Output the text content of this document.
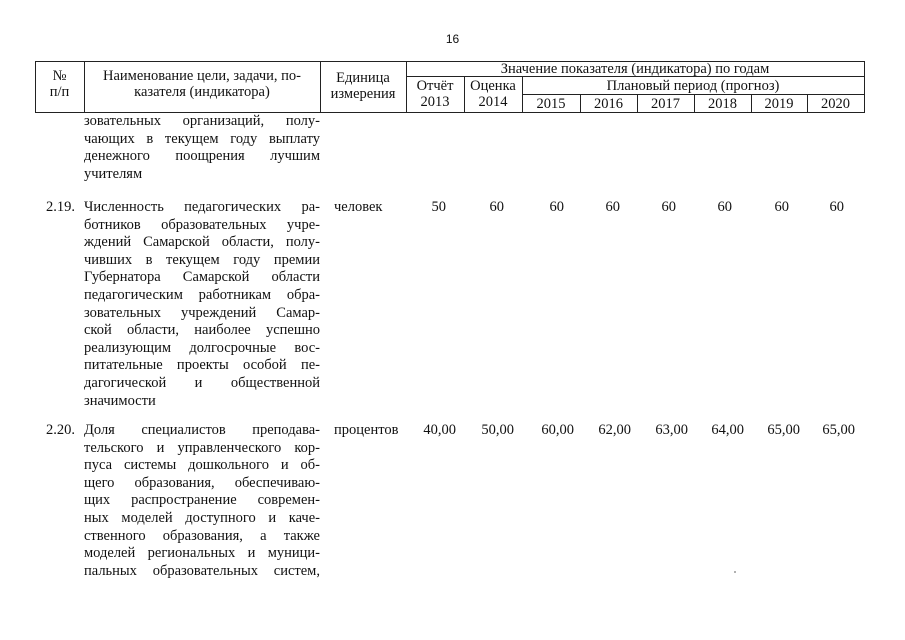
16
№
п/п
Наименование цели, задачи, по-
казателя (индикатора)
Единица
измерения
Значение показателя (индикатора) по годам
Отчёт
2013
Оценка
2014
Плановый период (прогноз)
2015	2016	2017	2018	2019	2020
зовательных организаций, полу-
чающих в текущем году выплату
денежного поощрения лучшим
учителям
2.19. Численность педагогических ра-
ботников образовательных учре-
ждений Самарской области, полу-
чивших в текущем году премии
Губернатора Самарской области
педагогическим работникам обра-
зовательных учреждений Самар-
ской области, наиболее успешно
реализующим долгосрочные вос-
питательные проекты особой пе-
дагогической и общественной
значимости
человек	50	60	60	60	60	60	60	60
2.20. Доля специалистов преподава-
тельского и управленческого кор-
пуса системы дошкольного и об-
щего образования, обеспечиваю-
щих распространение современ-
ных моделей доступного и каче-
ственного образования, а также
моделей региональных и муници-
пальных образовательных систем,
процентов	40,00	50,00	60,00	62,00	63,00	64,00	65,00	65,00
